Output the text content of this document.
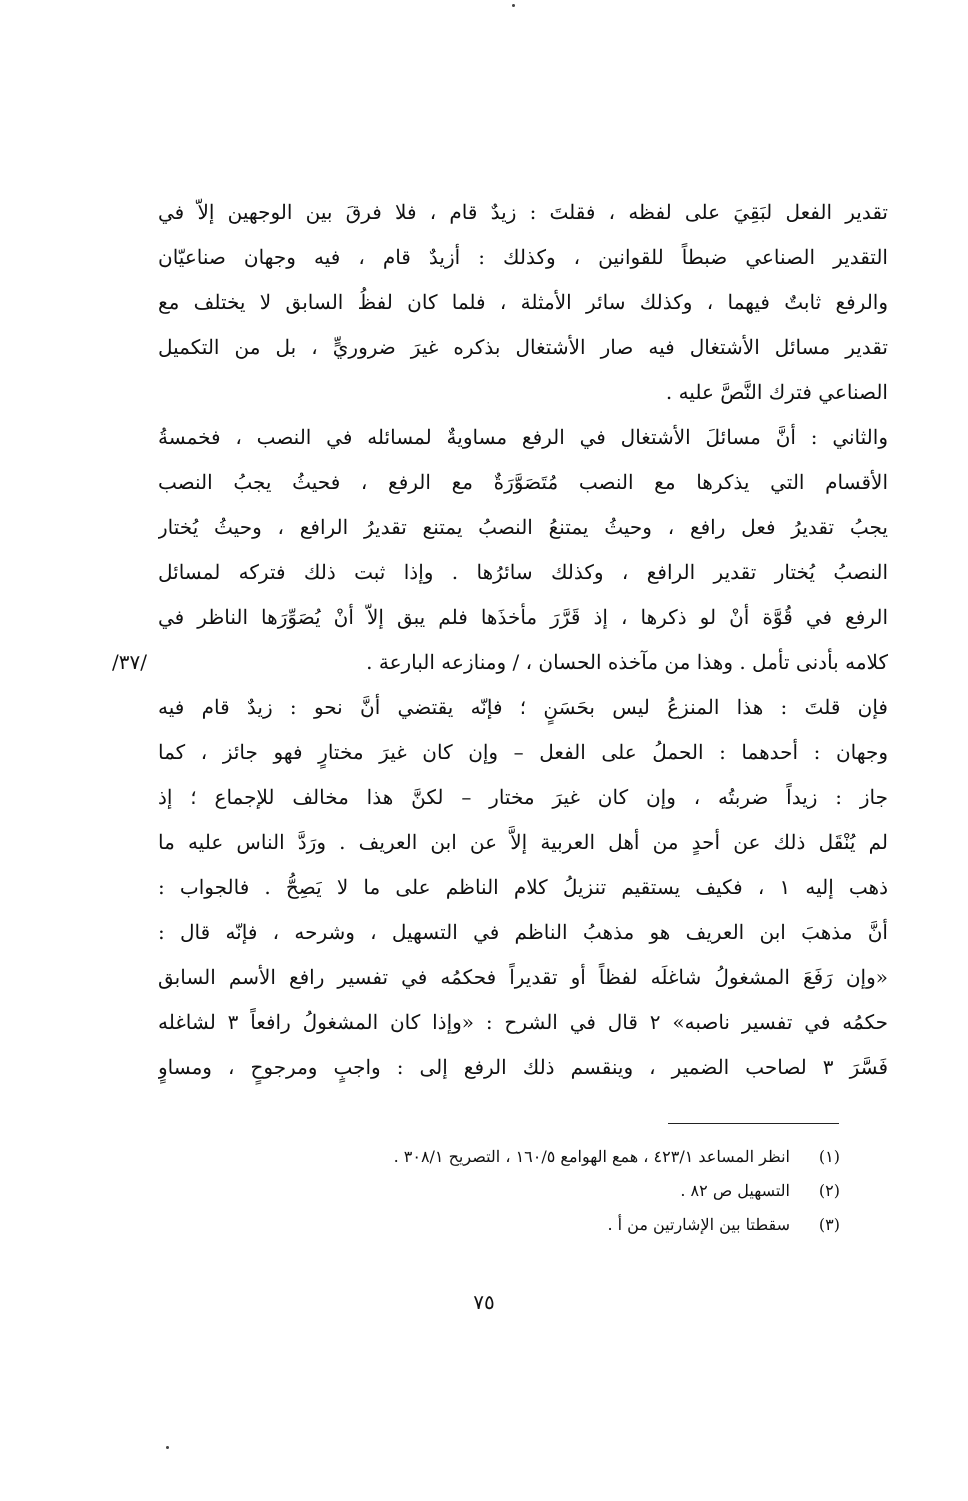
تقدير الفعل لبَقِيَ على لفظه ، فقلتَ : زيدٌ قام ، فلا فرقَ بين الوجهين إلاّ في
التقدير الصناعي ضبطاً للقوانين ، وكذلك : أزيدٌ قام ، فيه وجهان صناعيّان
والرفع ثابتٌ فيهما ، وكذلك سائر الأمثلة ، فلما كان لفظُ السابق لا يختلف مع
تقدير مسائل الأشتغال فيه صار الأشتغال بذكره غيرَ ضروريٍّ ، بل من التكميل
الصناعي فترك النَّصَّ عليه .
والثاني : أنَّ مسائلَ الأشتغال في الرفع مساويةٌ لمسائله في النصب ، فخمسةُ
الأقسام التي يذكرها مع النصب مُتَصَوَّرَةٌ مع الرفع ، فحيثُ يجبُ النصب
يجبُ تقديرُ فعل رافع ، وحيثُ يمتنعُ النصبُ يمتنع تقديرُ الرافع ، وحيثُ يُختار
النصبُ يُختار تقدير الرافع ، وكذلك سائرُها . وإذا ثبت ذلك فتركه لمسائل
الرفع في قُوَّة أنْ لو ذكرها ، إذ قَرَّرَ مأخذَها فلم يبق إلاّ أنْ يُصَوِّرَها الناظر في
كلامه بأدنى تأمل . وهذا من مآخذه الحسان ، / ومنازعه البارعة .
فإن قلتَ : هذا المنزعُ ليس بحَسَنٍ ؛ فإنّه يقتضي أنَّ نحو : زيدٌ قام فيه
وجهان : أحدهما : الحملُ على الفعل – وإن كان غيرَ مختارٍ فهو جائز ، كما
جاز : زيداً ضربتُه ، وإن كان غيرَ مختار – لكنَّ هذا مخالف للإجماع ؛ إذ
لم يُنْقَل ذلك عن أحدٍ من أهل العربية إلاَّ عن ابن العريف . ورَدَّ الناس عليه ما
ذهب إليه ١ ، فكيف يستقيم تنزيلُ كلام الناظم على ما لا يَصِحُّ . فالجواب :
أنَّ مذهبَ ابن العريف هو مذهبُ الناظم في التسهيل ، وشرحه ، فإنّه قال :
«وإن رَفَعَ المشغولُ شاغلَه لفظاً أو تقديراً فحكمُه في تفسير رافع الأسم السابق
حكمُه في تفسير ناصبه» ٢ قال في الشرح : «وإذا كان المشغولُ رافعاً ٣ لشاغله
فَسَّرَ ٣ لصاحب الضمير ، وينقسم ذلك الرفع إلى : واجبٍ ومرجوحٍ ، ومساوٍ
/٣٧/
(١)
انظر المساعد ٤٢٣/١ ، همع الهوامع ١٦٠/٥ ، التصريح ٣٠٨/١ .
(٢)
التسهيل ص ٨٢ .
(٣)
سقطتا بين الإشارتين من أ .
٧٥
